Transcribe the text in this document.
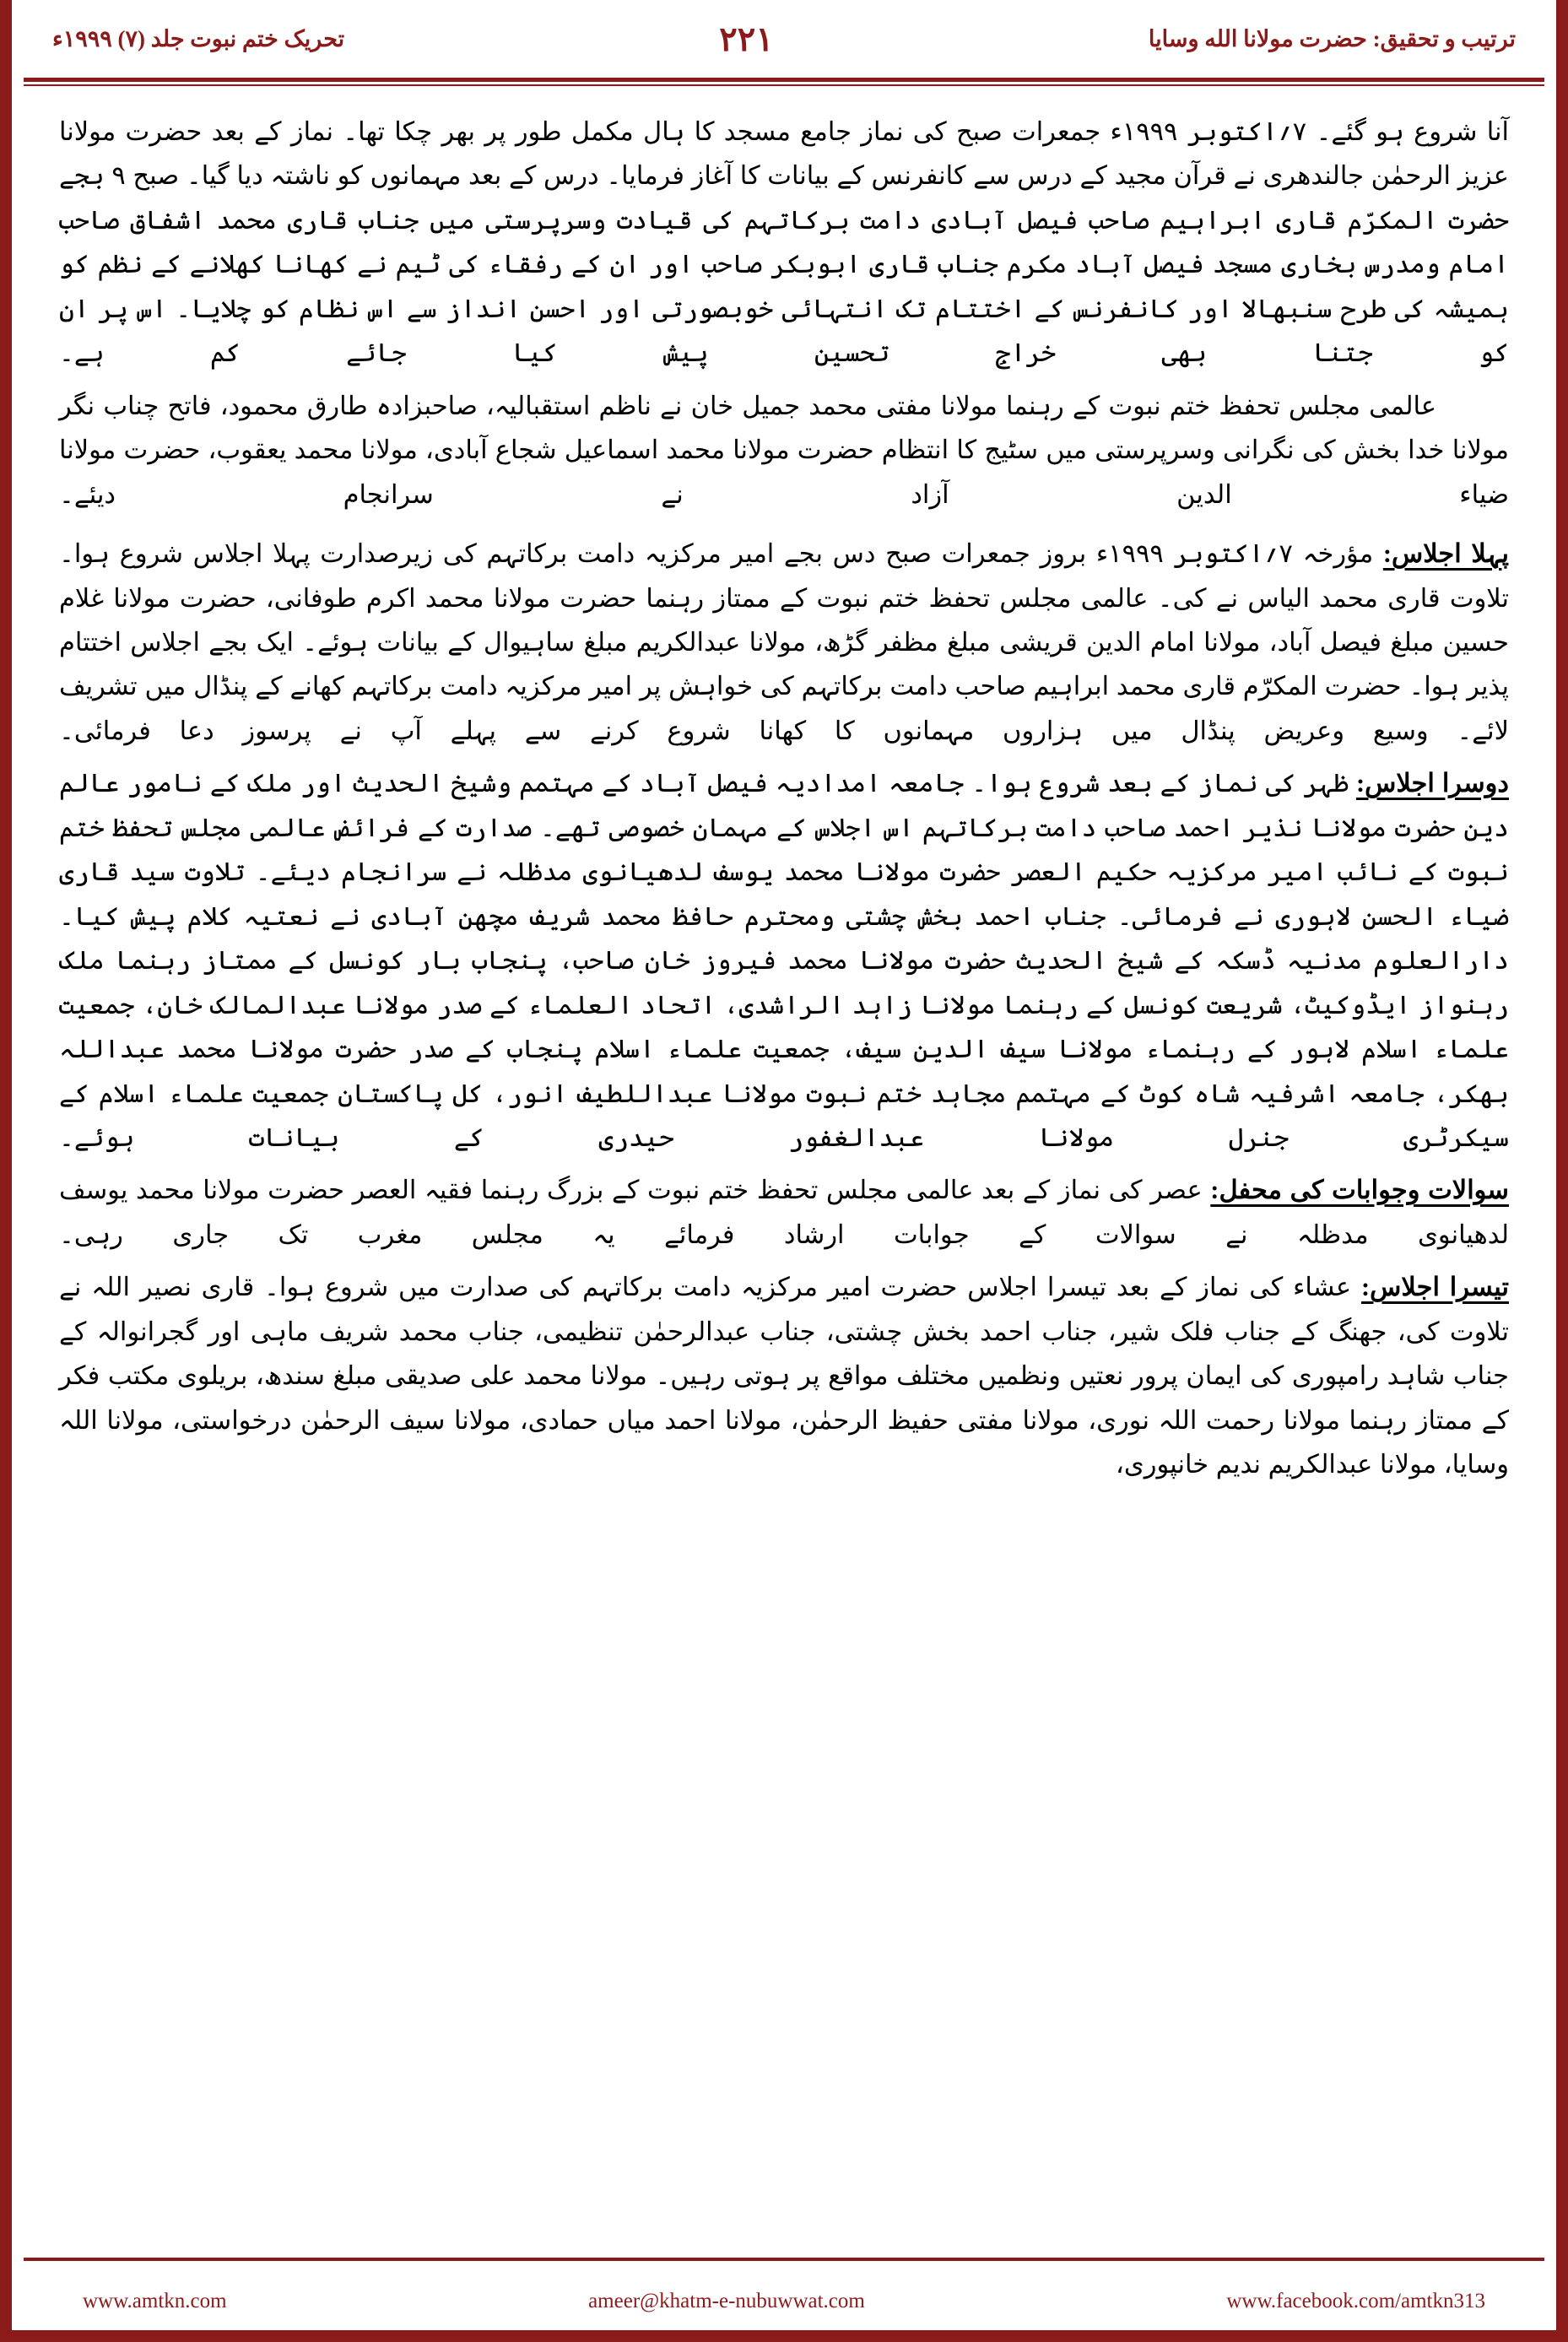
ترتیب و تحقیق: حضرت مولانا الله وسایا
۲۲۱
تحریک ختم نبوت جلد (۷) ۱۹۹۹ء

آنا شروع ہو گئے۔ ۷؍اکتوبر ۱۹۹۹ء جمعرات صبح کی نماز جامع مسجد کا ہال مکمل طور پر بھر چکا تھا۔ نماز کے بعد حضرت مولانا عزیز الرحمٰن جالندھری نے قرآن مجید کے درس سے کانفرنس کے بیانات کا آغاز فرمایا۔ درس کے بعد مہمانوں کو ناشتہ دیا گیا۔ صبح ۹ بجے حضرت المکرّم قاری ابراہیم صاحب فیصل آبادی دامت برکاتہم کی قیادت وسرپرستی میں جناب قاری محمد اشفاق صاحب امام ومدرس بخاری مسجد فیصل آباد مکرم جناب قاری ابوبکر صاحب اور ان کے رفقاء کی ٹیم نے کھانا کھلانے کے نظم کو ہمیشہ کی طرح سنبھالا اور کانفرنس کے اختتام تک انتہائی خوبصورتی اور احسن انداز سے اس نظام کو چلایا۔ اس پر ان کو جتنا بھی خراجِ تحسین پیش کیا جائے کم ہے۔

عالمی مجلس تحفظ ختم نبوت کے رہنما مولانا مفتی محمد جمیل خان نے ناظم استقبالیہ، صاحبزادہ طارق محمود، فاتح چناب نگر مولانا خدا بخش کی نگرانی وسرپرستی میں سٹیج کا انتظام حضرت مولانا محمد اسماعیل شجاع آبادی، مولانا محمد یعقوب، حضرت مولانا ضیاء الدین آزاد نے سرانجام دیئے۔

پہلا اجلاس: مؤرخہ ۷؍اکتوبر ۱۹۹۹ء بروز جمعرات صبح دس بجے امیر مرکزیہ دامت برکاتہم کی زیرصدارت پہلا اجلاس شروع ہوا۔ تلاوت قاری محمد الیاس نے کی۔ عالمی مجلس تحفظ ختم نبوت کے ممتاز رہنما حضرت مولانا محمد اکرم طوفانی، حضرت مولانا غلام حسین مبلغ فیصل آباد، مولانا امام الدین قریشی مبلغ مظفر گڑھ، مولانا عبدالکریم مبلغ ساہیوال کے بیانات ہوئے۔ ایک بجے اجلاس اختتام پذیر ہوا۔ حضرت المکرّم قاری محمد ابراہیم صاحب دامت برکاتہم کی خواہش پر امیر مرکزیہ دامت برکاتہم کھانے کے پنڈال میں تشریف لائے۔ وسیع وعریض پنڈال میں ہزاروں مہمانوں کا کھانا شروع کرنے سے پہلے آپ نے پرسوز دعا فرمائی۔

دوسرا اجلاس: ظہر کی نماز کے بعد شروع ہوا۔ جامعہ امدادیہ فیصل آباد کے مہتمم وشیخ الحدیث اور ملک کے نامور عالم دین حضرت مولانا نذیر احمد صاحب دامت برکاتہم اس اجلاس کے مہمان خصوصی تھے۔ صدارت کے فرائض عالمی مجلس تحفظ ختم نبوت کے نائب امیر مرکزیہ حکیم العصر حضرت مولانا محمد یوسف لدھیانوی مدظلہ نے سرانجام دیئے۔ تلاوت سید قاری ضیاء الحسن لاہوری نے فرمائی۔ جناب احمد بخش چشتی ومحترم حافظ محمد شریف مچھن آبادی نے نعتیہ کلام پیش کیا۔ دارالعلوم مدنیہ ڈسکہ کے شیخ الحدیث حضرت مولانا محمد فیروز خان صاحب، پنجاب بار کونسل کے ممتاز رہنما ملک رہنواز ایڈوکیٹ، شریعت کونسل کے رہنما مولانا زاہد الراشدی، اتحاد العلماء کے صدر مولانا عبدالمالک خان، جمعیت علماء اسلام لاہور کے رہنماء مولانا سیف الدین سیف، جمعیت علماء اسلام پنجاب کے صدر حضرت مولانا محمد عبداللہ بھکر، جامعہ اشرفیہ شاہ کوٹ کے مہتمم مجاہد ختم نبوت مولانا عبداللطیف انور، کل پاکستان جمعیت علماء اسلام کے سیکرٹری جنرل مولانا عبدالغفور حیدری کے بیانات ہوئے۔

سوالات وجوابات کی محفل: عصر کی نماز کے بعد عالمی مجلس تحفظ ختم نبوت کے بزرگ رہنما فقیہ العصر حضرت مولانا محمد یوسف لدھیانوی مدظلہ نے سوالات کے جوابات ارشاد فرمائے یہ مجلس مغرب تک جاری رہی۔

تیسرا اجلاس: عشاء کی نماز کے بعد تیسرا اجلاس حضرت امیر مرکزیہ دامت برکاتہم کی صدارت میں شروع ہوا۔ قاری نصیر اللہ نے تلاوت کی، جھنگ کے جناب فلک شیر، جناب احمد بخش چشتی، جناب عبدالرحمٰن تنظیمی، جناب محمد شریف ماہی اور گجرانوالہ کے جناب شاہد رامپوری کی ایمان پرور نعتیں ونظمیں مختلف مواقع پر ہوتی رہیں۔ مولانا محمد علی صدیقی مبلغ سندھ، بریلوی مکتب فکر کے ممتاز رہنما مولانا رحمت اللہ نوری، مولانا مفتی حفیظ الرحمٰن، مولانا احمد میاں حمادی، مولانا سیف الرحمٰن درخواستی، مولانا اللہ وسایا، مولانا عبدالکریم ندیم خانپوری،

www.amtkn.com	ameer@khatm-e-nubuwwat.com	www.facebook.com/amtkn313
